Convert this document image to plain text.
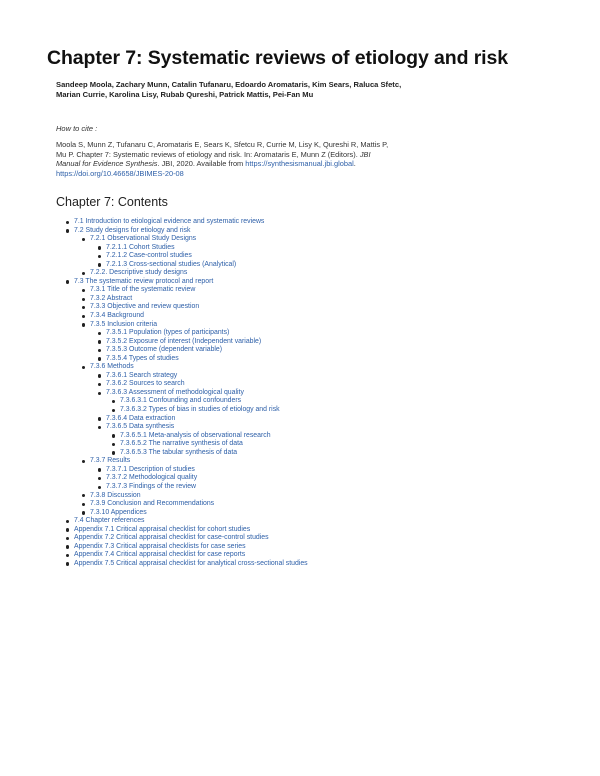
Chapter 7: Systematic reviews of etiology and risk
Sandeep Moola, Zachary Munn, Catalin Tufanaru, Edoardo Aromataris, Kim Sears, Raluca Sfetc, Marian Currie, Karolina Lisy, Rubab Qureshi, Patrick Mattis, Pei-Fan Mu
How to cite :
Moola S, Munn Z, Tufanaru C, Aromataris E, Sears K, Sfetcu R, Currie M, Lisy K, Qureshi R, Mattis P, Mu P. Chapter 7: Systematic reviews of etiology and risk. In: Aromataris E, Munn Z (Editors). JBI Manual for Evidence Synthesis. JBI, 2020. Available from https://synthesismanual.jbi.global. https://doi.org/10.46658/JBIMES-20-08
Chapter 7: Contents
7.1 Introduction to etiological evidence and systematic reviews
7.2 Study designs for etiology and risk
7.2.1 Observational Study Designs
7.2.1.1 Cohort Studies
7.2.1.2 Case-control studies
7.2.1.3 Cross-sectional studies (Analytical)
7.2.2. Descriptive study designs
7.3 The systematic review protocol and report
7.3.1 Title of the systematic review
7.3.2 Abstract
7.3.3 Objective and review question
7.3.4 Background
7.3.5 Inclusion criteria
7.3.5.1 Population (types of participants)
7.3.5.2 Exposure of interest (Independent variable)
7.3.5.3 Outcome (dependent variable)
7.3.5.4 Types of studies
7.3.6 Methods
7.3.6.1 Search strategy
7.3.6.2 Sources to search
7.3.6.3 Assessment of methodological quality
7.3.6.3.1 Confounding and confounders
7.3.6.3.2 Types of bias in studies of etiology and risk
7.3.6.4 Data extraction
7.3.6.5 Data synthesis
7.3.6.5.1 Meta-analysis of observational research
7.3.6.5.2 The narrative synthesis of data
7.3.6.5.3 The tabular synthesis of data
7.3.7 Results
7.3.7.1 Description of studies
7.3.7.2 Methodological quality
7.3.7.3 Findings of the review
7.3.8 Discussion
7.3.9 Conclusion and Recommendations
7.3.10 Appendices
7.4 Chapter references
Appendix 7.1 Critical appraisal checklist for cohort studies
Appendix 7.2 Critical appraisal checklist for case-control studies
Appendix 7.3 Critical appraisal checklists for case series
Appendix 7.4 Critical appraisal checklist for case reports
Appendix 7.5 Critical appraisal checklist for analytical cross-sectional studies
